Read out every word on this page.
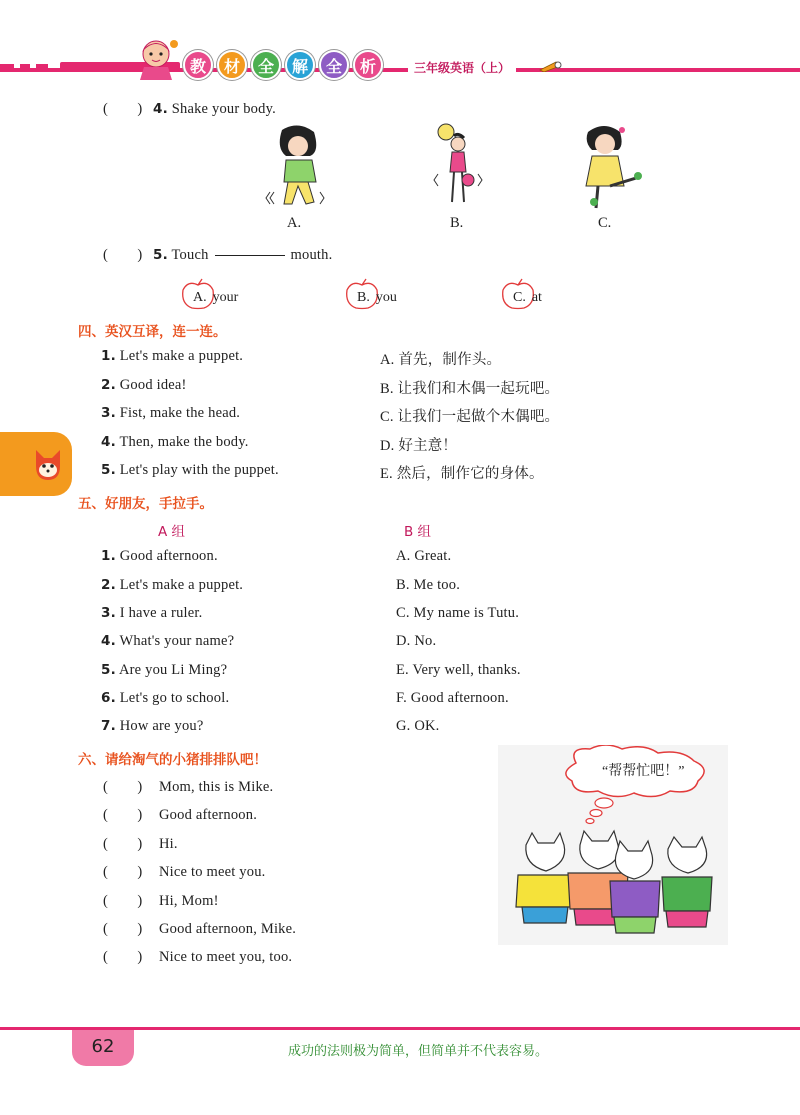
教	材	全	解	全	析	三年级英语（上）
(　　) 4. Shake your body.
A.	B.	C.
(　　) 5. Touch	mouth.
A. your	B. you	C. at
四、英汉互译，连一连。
1. Let's make a puppet.
2. Good idea!
3. Fist, make the head.
4. Then, make the body.
5. Let's play with the puppet.
A. 首先，制作头。
B. 让我们和木偶一起玩吧。
C. 让我们一起做个木偶吧。
D. 好主意！
E. 然后，制作它的身体。
五、好朋友，手拉手。
A 组	B 组
1. Good afternoon.
2. Let's make a puppet.
3. I have a ruler.
4. What's your name?
5. Are you Li Ming?
6. Let's go to school.
7. How are you?
A. Great.
B. Me too.
C. My name is Tutu.
D. No.
E. Very well, thanks.
F. Good afternoon.
G. OK.
六、请给淘气的小猪排排队吧！
(　　) Mom, this is Mike.
(　　) Good afternoon.
(　　) Hi.
(　　) Nice to meet you.
(　　) Hi, Mom!
(　　) Good afternoon, Mike.
(　　) Nice to meet you, too.
“帮帮忙吧！”
62	成功的法则极为简单，但简单并不代表容易。
